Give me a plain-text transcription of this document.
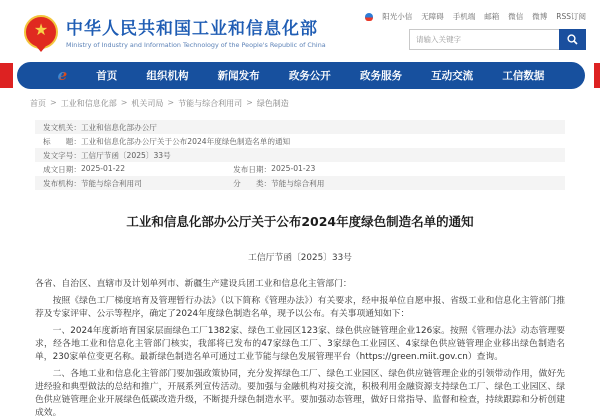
★ 中华人民共和国工业和信息化部
Ministry of Industry and Information Technology of the People's Republic of China
阳光小信 无障碍 手机端 邮箱 微信 微博 RSS订阅
请输入关键字
e	首页	组织机构	新闻发布	政务公开	政务服务	互动交流	工信数据
首页 > 工业和信息化部 > 机关司局 > 节能与综合利用司 > 绿色制造
发文机关： 工业和信息化部办公厅
标　　题： 工业和信息化部办公厅关于公布2024年度绿色制造名单的通知
发文字号： 工信厅节函〔2025〕33号
成文日期： 2025-01-22	发布日期： 2025-01-23
发布机构： 节能与综合利用司	分　　类： 节能与综合利用
工业和信息化部办公厅关于公布2024年度绿色制造名单的通知
工信厅节函〔2025〕33号

各省、自治区、直辖市及计划单列市、新疆生产建设兵团工业和信息化主管部门：

按照《绿色工厂梯度培育及管理暂行办法》（以下简称《管理办法》）有关要求，经申报单位自愿申报、省级工业和信息化主管部门推荐及专家评审、公示等程序，确定了2024年度绿色制造名单，现予以公布。有关事项通知如下：

一、2024年度新培育国家层面绿色工厂1382家、绿色工业园区123家、绿色供应链管理企业126家。按照《管理办法》动态管理要求，经各地工业和信息化主管部门核实，我部将已发布的47家绿色工厂、3家绿色工业园区、4家绿色供应链管理企业移出绿色制造名单，230家单位变更名称。最新绿色制造名单可通过工业节能与绿色发展管理平台（https://green.miit.gov.cn）查询。

二、各地工业和信息化主管部门要加强政策协同，充分发挥绿色工厂、绿色工业园区、绿色供应链管理企业的引领带动作用，做好先进经验和典型做法的总结和推广，开展系列宣传活动。要加强与金融机构对接交流，积极利用金融资源支持绿色工厂、绿色工业园区、绿色供应链管理企业开展绿色低碳改造升级，不断提升绿色制造水平。要加强动态管理，做好日常指导、监督和检查，持续跟踪和分析创建成效。
